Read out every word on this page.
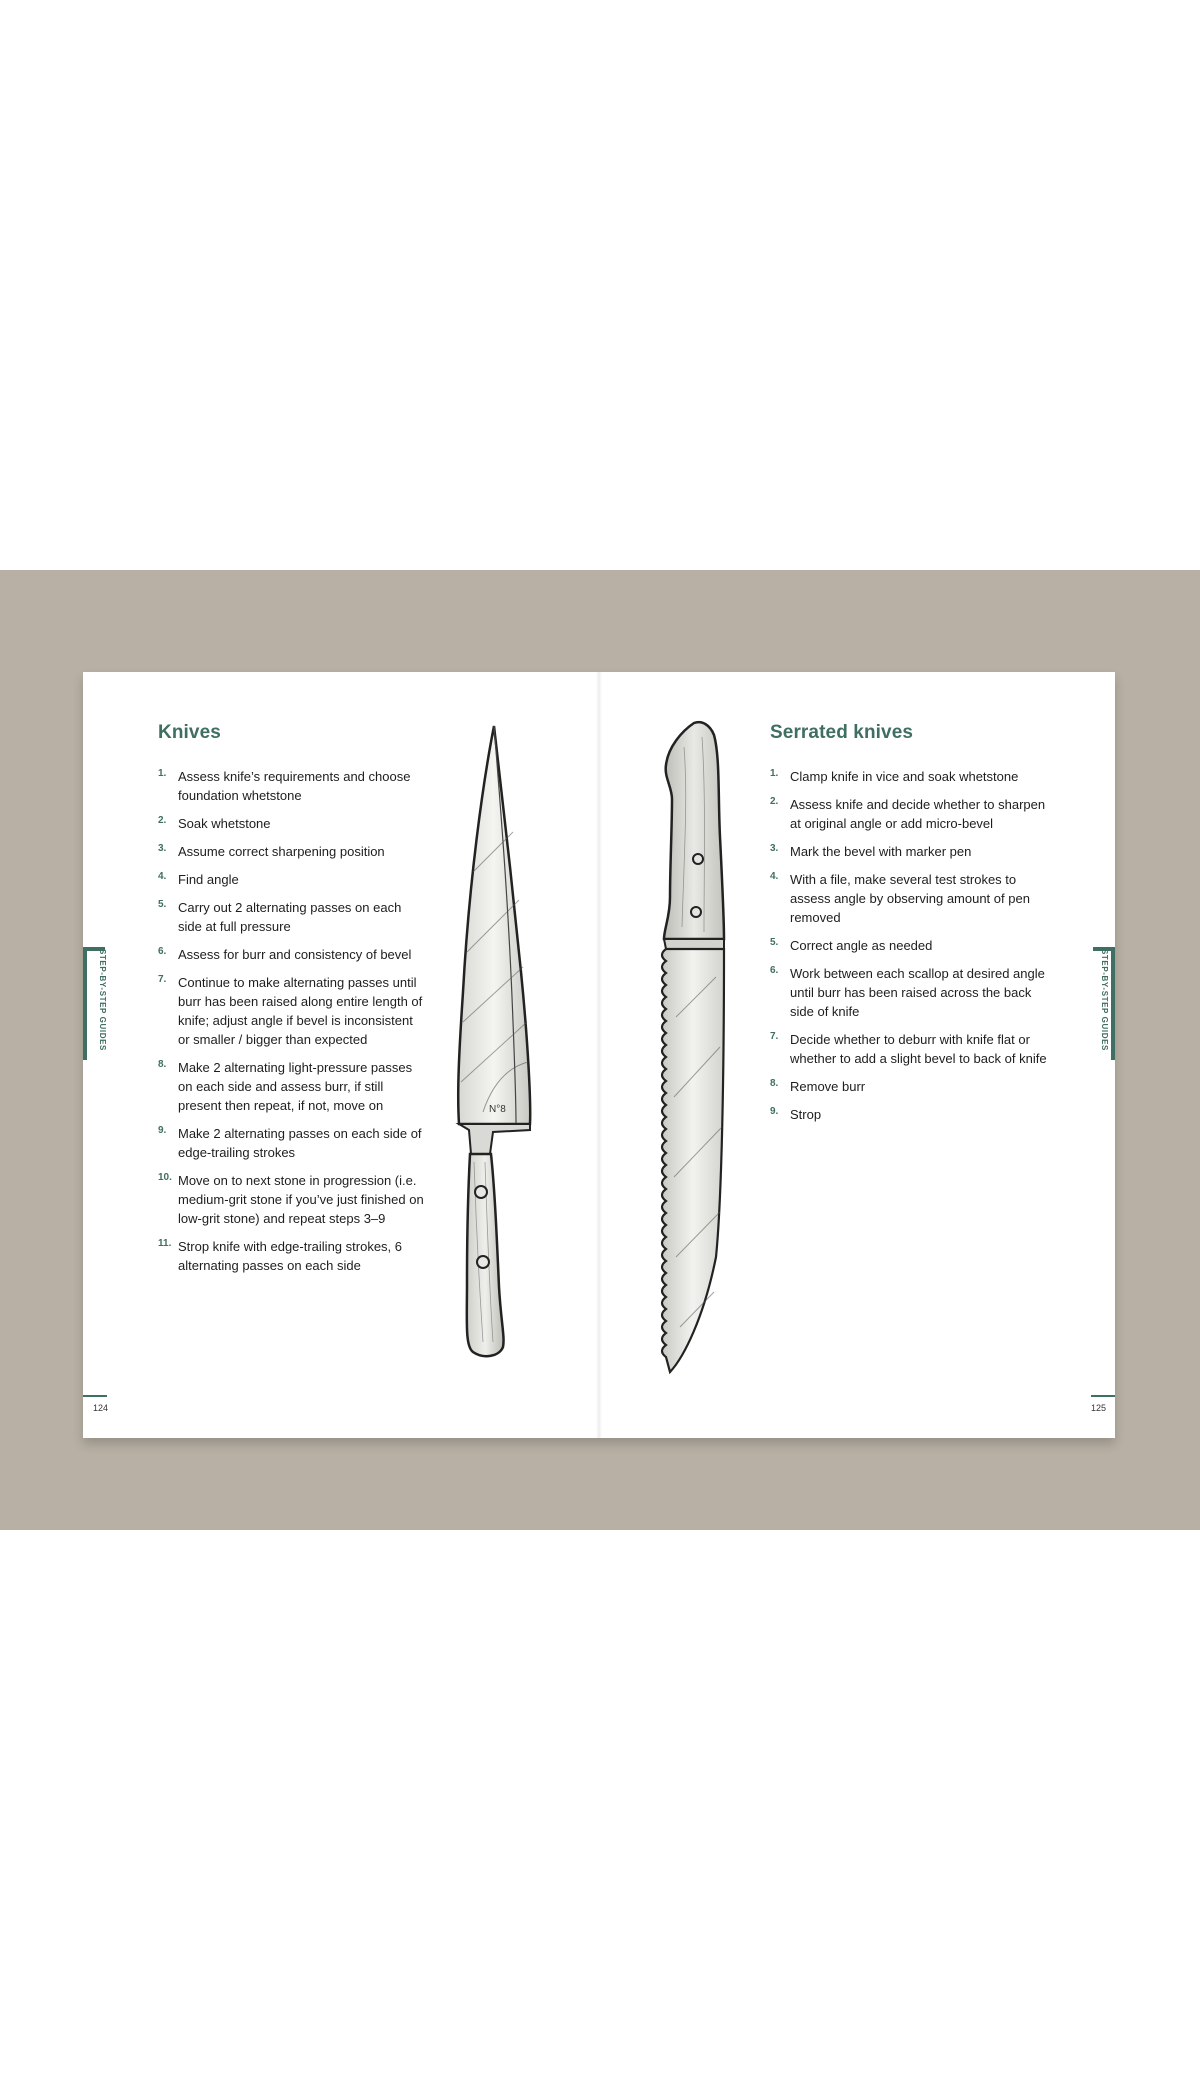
STEP-BY-STEP GUIDES
Knives
1. Assess knife’s requirements and choose foundation whetstone
2. Soak whetstone
3. Assume correct sharpening position
4. Find angle
5. Carry out 2 alternating passes on each side at full pressure
6. Assess for burr and consistency of bevel
7. Continue to make alternating passes until burr has been raised along entire length of knife; adjust angle if bevel is inconsistent or smaller / bigger than expected
8. Make 2 alternating light-pressure passes on each side and assess burr, if still present then repeat, if not, move on
9. Make 2 alternating passes on each side of edge-trailing strokes
10. Move on to next stone in progression (i.e. medium-grit stone if you’ve just finished on low-grit stone) and repeat steps 3–9
11. Strop knife with edge-trailing strokes, 6 alternating passes on each side
N°8
124
Serrated knives
1. Clamp knife in vice and soak whetstone
2. Assess knife and decide whether to sharpen at original angle or add micro-bevel
3. Mark the bevel with marker pen
4. With a file, make several test strokes to assess angle by observing amount of pen removed
5. Correct angle as needed
6. Work between each scallop at desired angle until burr has been raised across the back side of knife
7. Decide whether to deburr with knife flat or whether to add a slight bevel to back of knife
8. Remove burr
9. Strop
STEP-BY-STEP GUIDES
125
